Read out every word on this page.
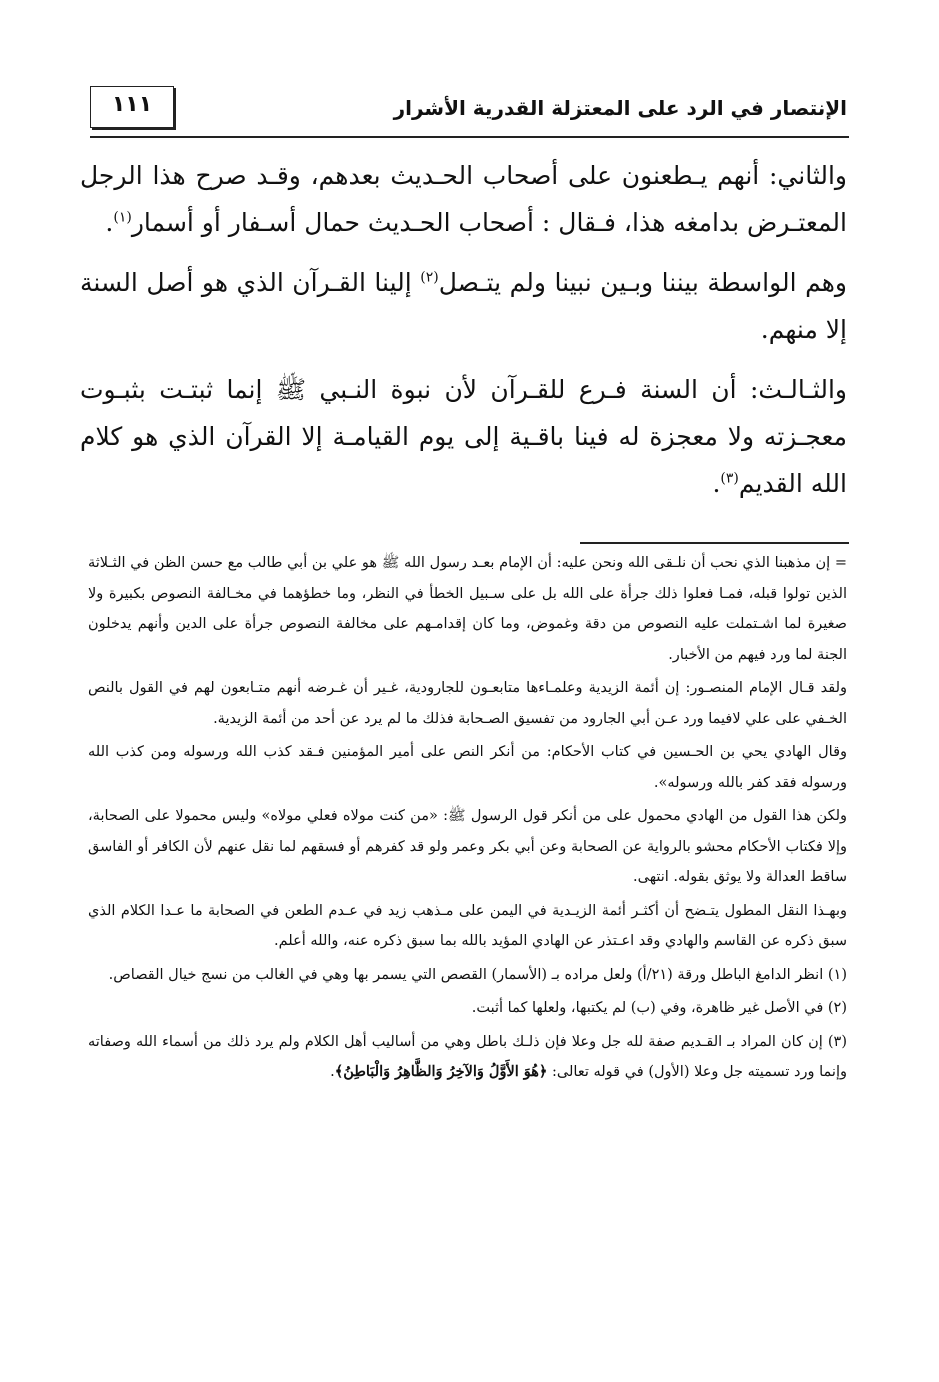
الإنتصار في الرد على المعتزلة القدرية الأشرار
١١١

والثاني: أنهم يـطعنون على أصحاب الحـديث بعدهم، وقـد صرح هذا الرجل المعتـرض بدامغه هذا، فـقال : أصحاب الحـديث حمال أسـفار أو أسمار$^{(١)}$.

وهم الواسطة بيننا وبـين نبينا ولم يتـصل$^{(٢)}$ إلينا القـرآن الذي هو أصل السنة إلا منهم.

والثـالـث: أن السنة فـرع للقـرآن لأن نبوة النـبي ﷺ إنما ثبتـت بثبـوت معجـزته ولا معجزة له فينا باقـية إلى يوم القيامـة إلا القرآن الذي هو كلام الله القديم$^{(٣)}$.

= إن مذهبنا الذي نحب أن نلـقى الله ونحن عليه: أن الإمام بعـد رسول الله ﷺ هو علي بن أبي طالب مع حسن الظن في الثـلاثة الذين تولوا قبله، فمـا فعلوا ذلك جرأة على الله بل على سـبيل الخطأ في النظر، وما خطؤهما في مخـالفة النصوص بكبيرة ولا صغيرة لما اشـتملت عليه النصوص من دقة وغموض، وما كان إقدامـهم على مخالفة النصوص جرأة على الدين وأنهم يدخلون الجنة لما ورد فيهم من الأخبار.

ولقد قـال الإمام المنصـور: إن أئمة الزيدية وعلمـاءها متابعـون للجارودية، غـير أن غـرضه أنهم متـابعون لهم في القول بالنص الخـفي على علي لافيما ورد عـن أبي الجارود من تفسيق الصـحابة فذلك ما لم يرد عن أحد من أئمة الزيدية.

وقال الهادي يحي بن الحـسين في كتاب الأحكام: من أنكر النص على أمير المؤمنين فـقد كذب الله ورسوله ومن كذب الله ورسوله فقد كفر بالله ورسوله».

ولكن هذا القول من الهادي محمول على من أنكر قول الرسول ﷺ: «من كنت مولاه فعلي مولاه» وليس محمولا على الصحابة، وإلا فكتاب الأحكام محشو بالرواية عن الصحابة وعن أبي بكر وعمر ولو قد كفرهم أو فسقهم لما نقل عنهم لأن الكافر أو الفاسق ساقط العدالة ولا يوثق بقوله. انتهى.

وبهـذا النقل المطول يتـضح أن أكثـر أئمة الزيـدية في اليمن على مـذهب زيد في عـدم الطعن في الصحابة ما عـدا الكلام الذي سبق ذكره عن القاسم والهادي وقد اعـتذر عن الهادي المؤيد بالله بما سبق ذكره عنه، والله أعلم.

(١) انظر الدامغ الباطل ورقة (٢١/أ) ولعل مراده بـ (الأسمار) القصص التي يسمر بها وهي في الغالب من نسج خيال القصاص.

(٢) في الأصل غير ظاهرة، وفي (ب) لم يكتبها، ولعلها كما أثبت.

(٣) إن كان المراد بـ القـديم صفة لله جل وعلا فإن ذلـك باطل وهي من أساليب أهل الكلام ولم يرد ذلك من أسماء الله وصفاته وإنما ورد تسميته جل وعلا (الأول) في قوله تعالى: ﴿هُوَ الأَوَّلُ وَالآخِرُ وَالظَّاهِرُ وَالْبَاطِنُ﴾.
